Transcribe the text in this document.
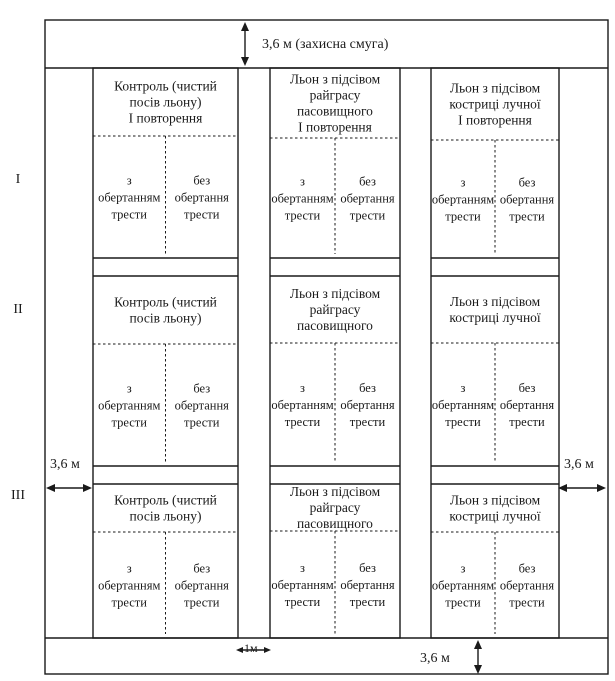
3,6 м (захисна смуга)
3,6 м	3,6 м
3,6 м
1м
I
II
III
Контроль (чистий посів льону) І повторення
з обертанням трести
без обертання трести
Контроль (чистий посів льону)
з обертанням трести
без обертання трести
Контроль (чистий посів льону)
з обертанням трести
без обертання трести
Льон з підсівом райграсу пасовищного І повторення
з обертанням трести
без обертання трести
Льон з підсівом райграсу пасовищного
з обертанням трести
без обертання трести
Льон з підсівом райграсу пасовищного
з обертанням трести
без обертання трести
Льон з підсівом костриці лучної І повторення
з обертанням трести
без обертання трести
Льон з підсівом костриці лучної
з обертанням трести
без обертання трести
Льон з підсівом костриці лучної
з обертанням трести
без обертання трести
